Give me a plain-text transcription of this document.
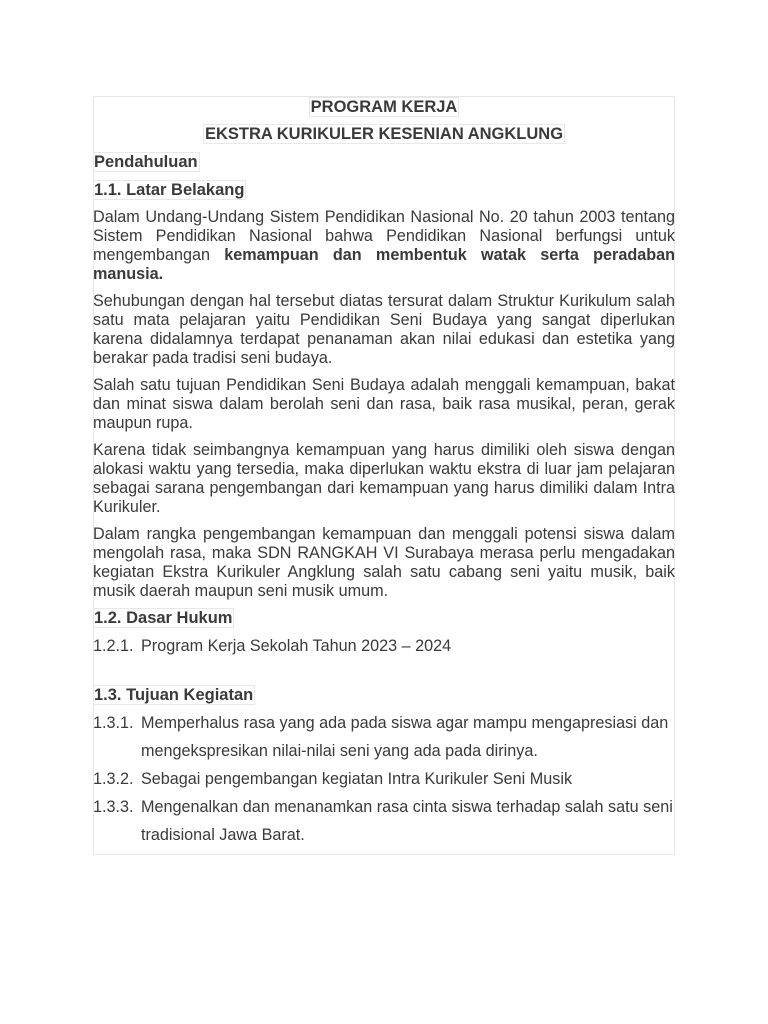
PROGRAM KERJA

EKSTRA KURIKULER KESENIAN ANGKLUNG

Pendahuluan

1.1. Latar Belakang

Dalam Undang-Undang Sistem Pendidikan Nasional No. 20 tahun 2003 tentang Sistem Pendidikan Nasional bahwa Pendidikan Nasional berfungsi untuk mengembangan kemampuan dan membentuk watak serta peradaban manusia.

Sehubungan dengan hal tersebut diatas tersurat dalam Struktur Kurikulum salah satu mata pelajaran yaitu Pendidikan Seni Budaya yang sangat diperlukan karena didalamnya terdapat penanaman akan nilai edukasi dan estetika yang berakar pada tradisi seni budaya.

Salah satu tujuan Pendidikan Seni Budaya adalah menggali kemampuan, bakat dan minat siswa dalam berolah seni dan rasa, baik rasa musikal, peran, gerak maupun rupa.

Karena tidak seimbangnya kemampuan yang harus dimiliki oleh siswa dengan alokasi waktu yang tersedia, maka diperlukan waktu ekstra di luar jam pelajaran sebagai sarana pengembangan dari kemampuan yang harus dimiliki dalam Intra Kurikuler.

Dalam rangka pengembangan kemampuan dan menggali potensi siswa dalam mengolah rasa, maka SDN RANGKAH VI Surabaya merasa perlu mengadakan kegiatan Ekstra Kurikuler Angklung salah satu cabang seni yaitu musik, baik musik daerah maupun seni musik umum.

1.2. Dasar Hukum

1.2.1. Program Kerja Sekolah Tahun 2023 – 2024

1.3. Tujuan Kegiatan

1.3.1. Memperhalus rasa yang ada pada siswa agar mampu mengapresiasi dan mengekspresikan nilai-nilai seni yang ada pada dirinya.
1.3.2. Sebagai pengembangan kegiatan Intra Kurikuler Seni Musik
1.3.3. Mengenalkan dan menanamkan rasa cinta siswa terhadap salah satu seni tradisional Jawa Barat.
